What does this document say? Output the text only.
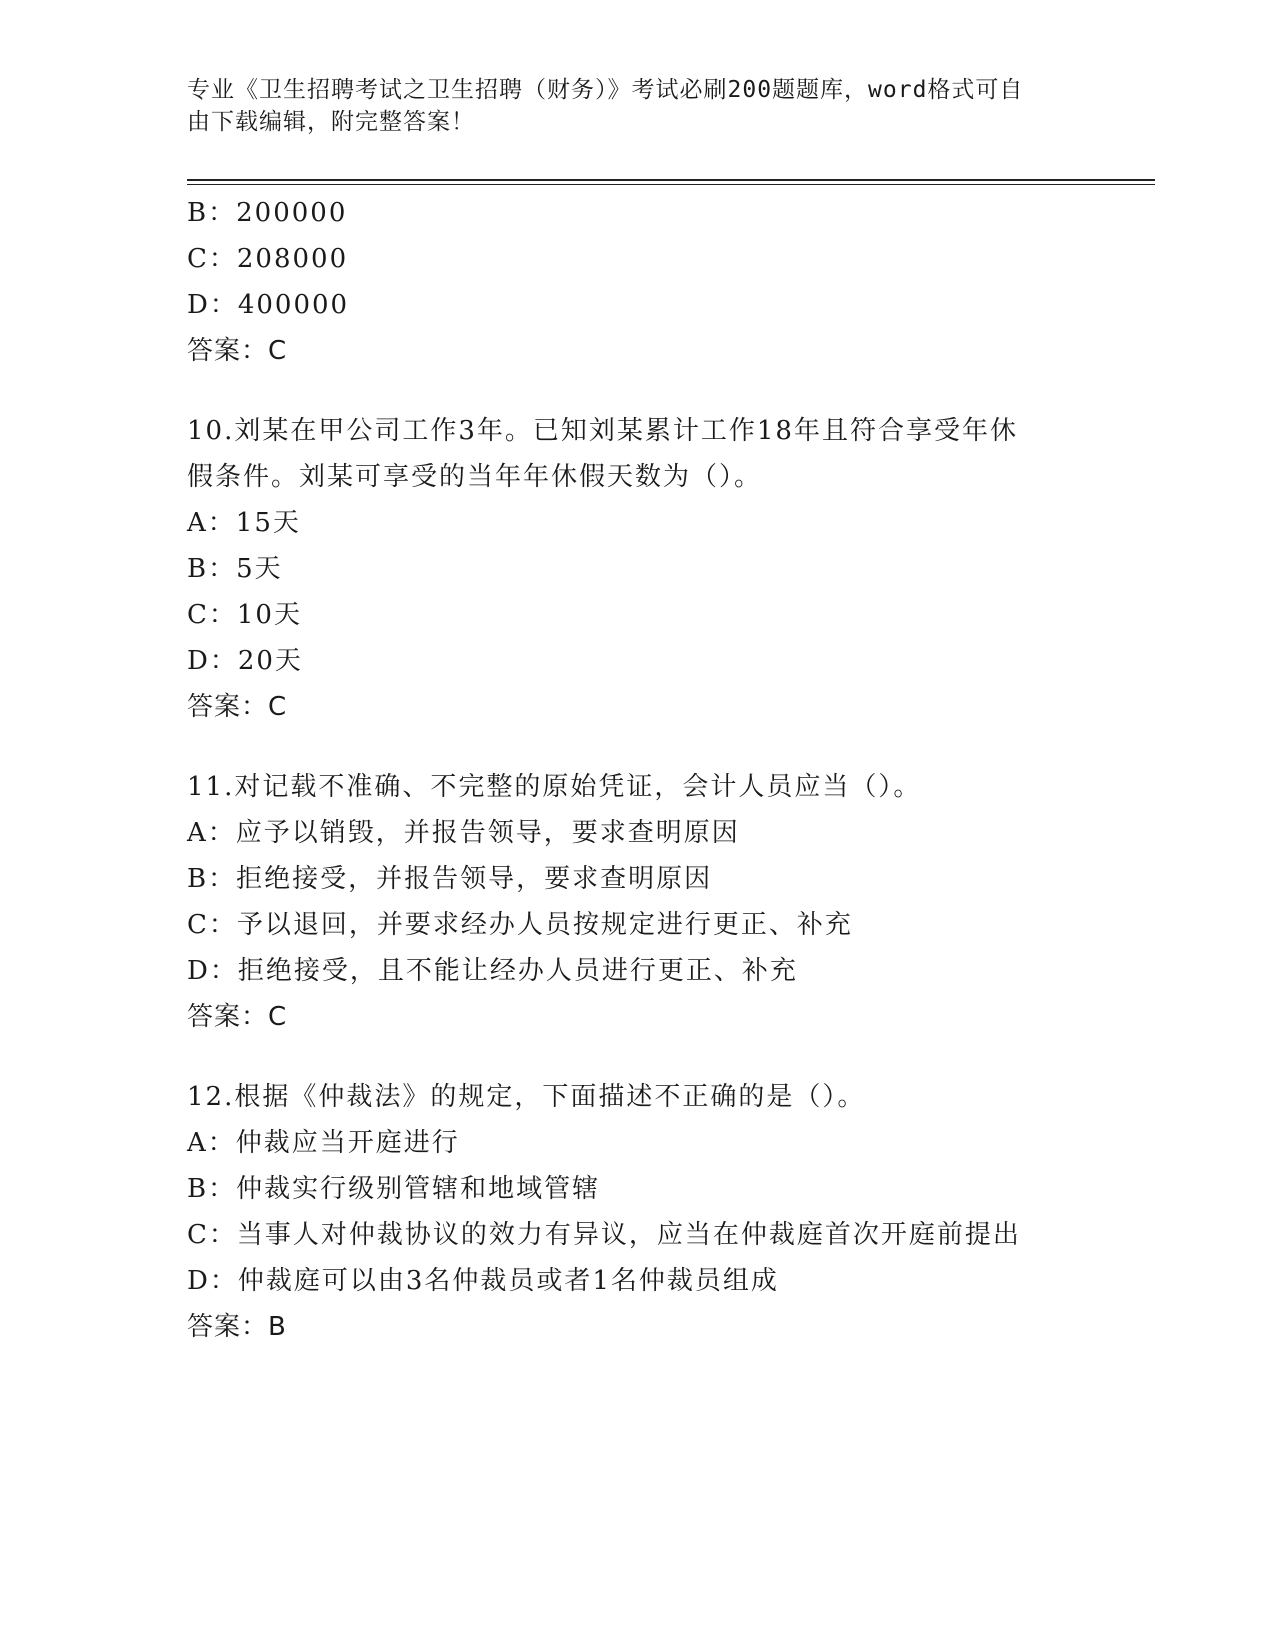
专业《卫生招聘考试之卫生招聘（财务）》考试必刷200题题库，word格式可自
由下载编辑，附完整答案！
B：200000
C：208000
D：400000
答案：C
10.刘某在甲公司工作3年。已知刘某累计工作18年且符合享受年休
假条件。刘某可享受的当年年休假天数为（）。
A：15天
B：5天
C：10天
D：20天
答案：C
11.对记载不准确、不完整的原始凭证，会计人员应当（）。
A：应予以销毁，并报告领导，要求查明原因
B：拒绝接受，并报告领导，要求查明原因
C：予以退回，并要求经办人员按规定进行更正、补充
D：拒绝接受，且不能让经办人员进行更正、补充
答案：C
12.根据《仲裁法》的规定，下面描述不正确的是（）。
A：仲裁应当开庭进行
B：仲裁实行级别管辖和地域管辖
C：当事人对仲裁协议的效力有异议，应当在仲裁庭首次开庭前提出
D：仲裁庭可以由3名仲裁员或者1名仲裁员组成
答案：B
